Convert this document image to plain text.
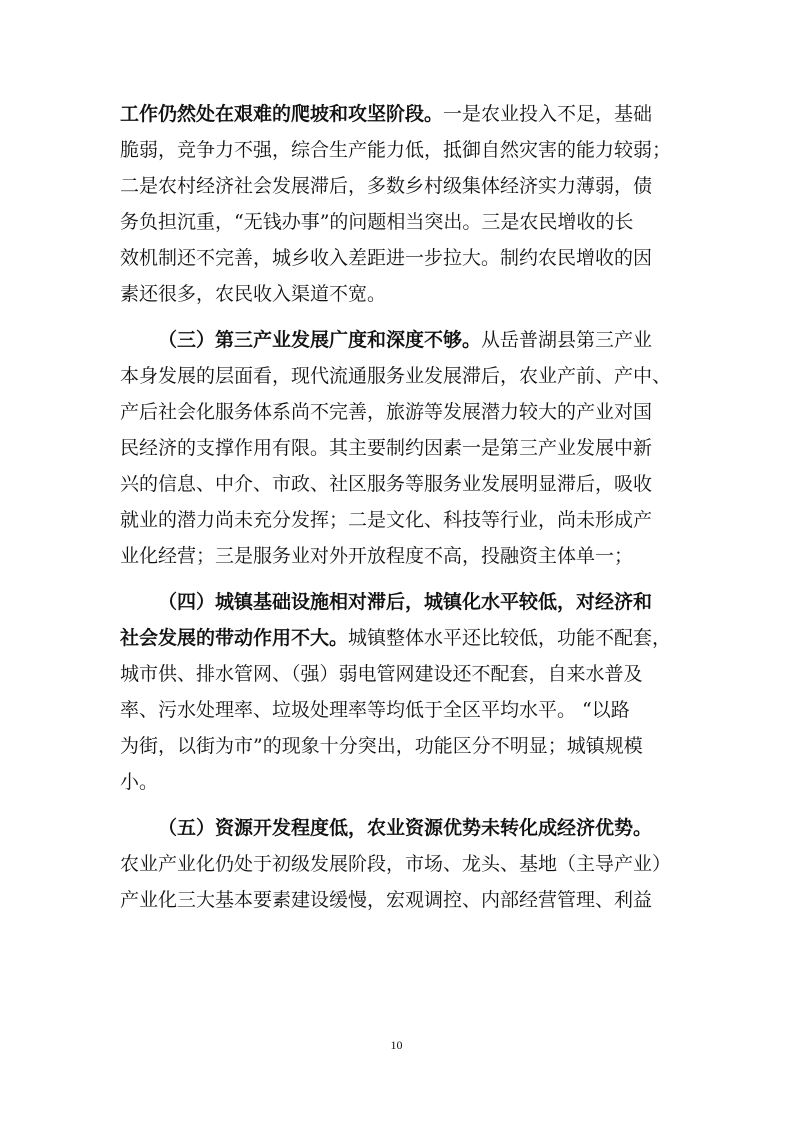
工作仍然处在艰难的爬坡和攻坚阶段。一是农业投入不足，基础
脆弱，竞争力不强，综合生产能力低，抵御自然灾害的能力较弱；
二是农村经济社会发展滞后，多数乡村级集体经济实力薄弱，债
务负担沉重，“无钱办事”的问题相当突出。三是农民增收的长
效机制还不完善，城乡收入差距进一步拉大。制约农民增收的因
素还很多，农民收入渠道不宽。
（三）第三产业发展广度和深度不够。从岳普湖县第三产业
本身发展的层面看，现代流通服务业发展滞后，农业产前、产中、
产后社会化服务体系尚不完善，旅游等发展潜力较大的产业对国
民经济的支撑作用有限。其主要制约因素一是第三产业发展中新
兴的信息、中介、市政、社区服务等服务业发展明显滞后，吸收
就业的潜力尚未充分发挥；二是文化、科技等行业，尚未形成产
业化经营；三是服务业对外开放程度不高，投融资主体单一；
（四）城镇基础设施相对滞后，城镇化水平较低，对经济和
社会发展的带动作用不大。城镇整体水平还比较低，功能不配套，
城市供、排水管网、（强）弱电管网建设还不配套，自来水普及
率、污水处理率、垃圾处理率等均低于全区平均水平。 “以路
为街，以街为市”的现象十分突出，功能区分不明显；城镇规模
小。
（五）资源开发程度低，农业资源优势未转化成经济优势。
农业产业化仍处于初级发展阶段，市场、龙头、基地（主导产业）
产业化三大基本要素建设缓慢，宏观调控、内部经营管理、利益
10
